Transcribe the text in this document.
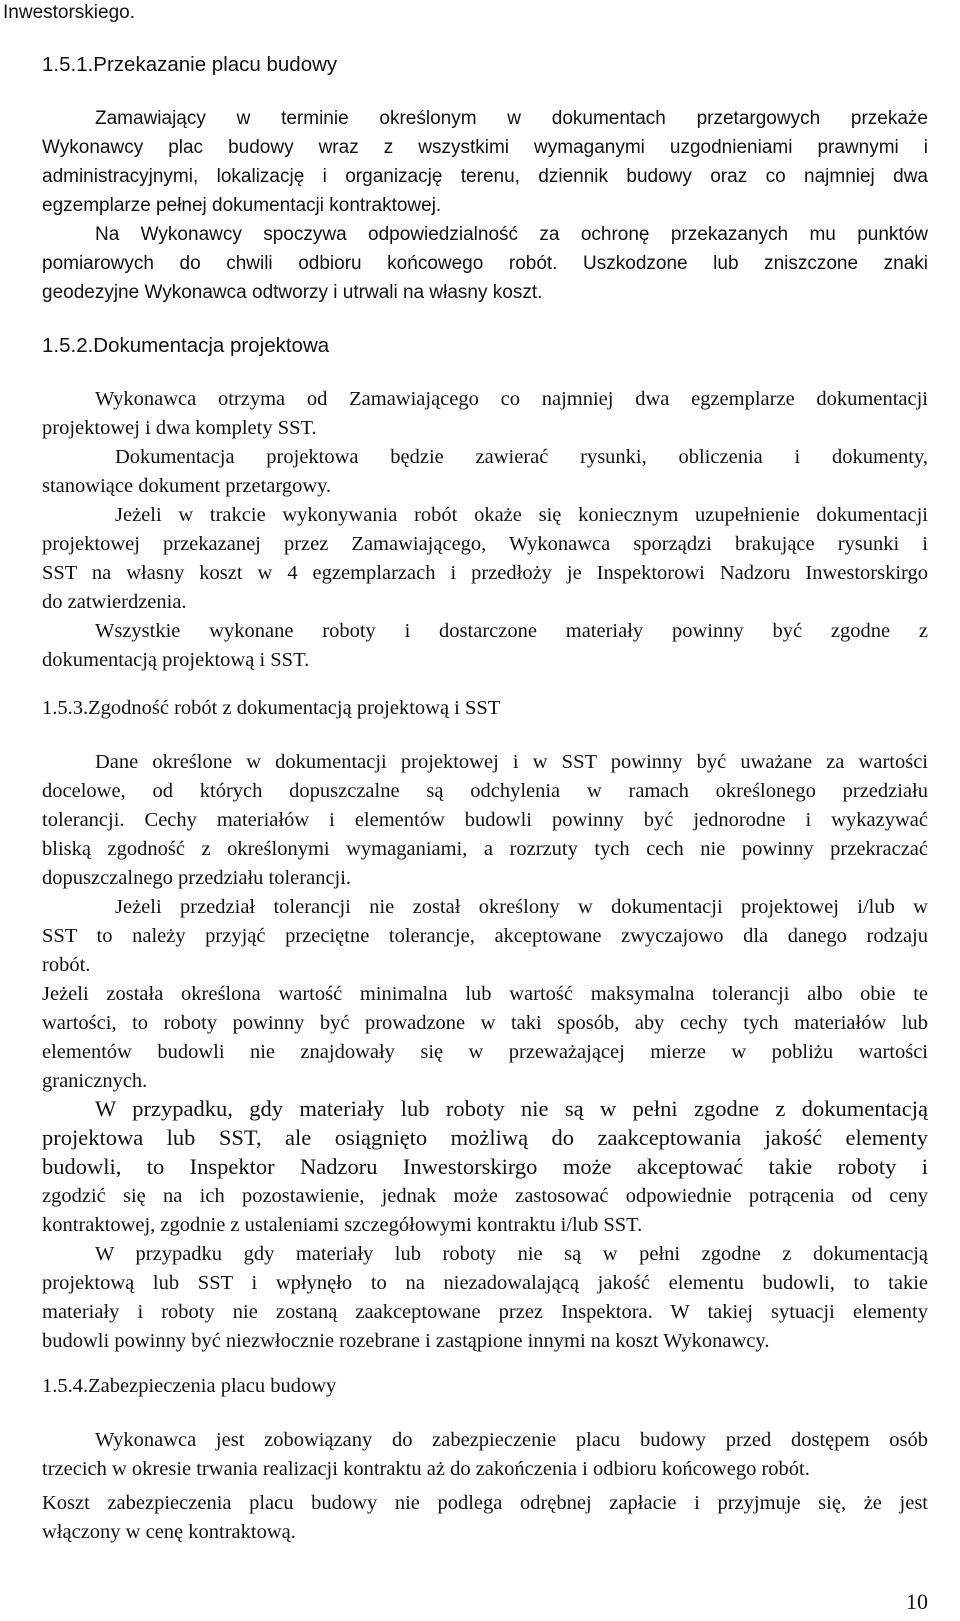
Inwestorskiego.
1.5.1.Przekazanie placu budowy
Zamawiający w terminie określonym w dokumentach przetargowych przekaże
Wykonawcy plac budowy wraz z wszystkimi wymaganymi uzgodnieniami prawnymi i
administracyjnymi, lokalizację i organizację terenu, dziennik budowy oraz co najmniej dwa
egzemplarze pełnej dokumentacji kontraktowej.
Na Wykonawcy spoczywa odpowiedzialność za ochronę przekazanych mu punktów
pomiarowych do chwili odbioru końcowego robót. Uszkodzone lub zniszczone znaki
geodezyjne Wykonawca odtworzy i utrwali na własny koszt.
1.5.2.Dokumentacja projektowa
Wykonawca otrzyma od Zamawiającego co najmniej dwa egzemplarze dokumentacji
projektowej i dwa komplety SST.
Dokumentacja projektowa będzie zawierać rysunki, obliczenia i dokumenty,
stanowiące dokument przetargowy.
Jeżeli w trakcie wykonywania robót okaże się koniecznym uzupełnienie dokumentacji
projektowej przekazanej przez Zamawiającego, Wykonawca sporządzi brakujące rysunki i
SST na własny koszt w 4 egzemplarzach i przedłoży je Inspektorowi Nadzoru Inwestorskirgo
do zatwierdzenia.
Wszystkie wykonane roboty i dostarczone materiały powinny być zgodne z
dokumentacją projektową i SST.
1.5.3.Zgodność robót z dokumentacją projektową i SST
Dane określone w dokumentacji projektowej i w SST powinny być uważane za wartości
docelowe, od których dopuszczalne są odchylenia w ramach określonego przedziału
tolerancji. Cechy materiałów i elementów budowli powinny być jednorodne i wykazywać
bliską zgodność z określonymi wymaganiami, a rozrzuty tych cech nie powinny przekraczać
dopuszczalnego przedziału tolerancji.
Jeżeli przedział tolerancji nie został określony w dokumentacji projektowej i/lub w
SST to należy przyjąć przeciętne tolerancje, akceptowane zwyczajowo dla danego rodzaju
robót.
Jeżeli została określona wartość minimalna lub wartość maksymalna tolerancji albo obie te
wartości, to roboty powinny być prowadzone w taki sposób, aby cechy tych materiałów lub
elementów budowli nie znajdowały się w przeważającej mierze w pobliżu wartości
granicznych.
W przypadku, gdy materiały lub roboty nie są w pełni zgodne z dokumentacją
projektowa lub SST, ale osiągnięto możliwą do zaakceptowania jakość elementy
budowli, to Inspektor Nadzoru Inwestorskirgo może akceptować takie roboty i
zgodzić się na ich pozostawienie, jednak może zastosować odpowiednie potrącenia od ceny
kontraktowej, zgodnie z ustaleniami szczegółowymi kontraktu i/lub SST.
W przypadku gdy materiały lub roboty nie są w pełni zgodne z dokumentacją
projektową lub SST i wpłynęło to na niezadowalającą jakość elementu budowli, to takie
materiały i roboty nie zostaną zaakceptowane przez Inspektora. W takiej sytuacji elementy
budowli powinny być niezwłocznie rozebrane i zastąpione innymi na koszt Wykonawcy.
1.5.4.Zabezpieczenia placu budowy
Wykonawca jest zobowiązany do zabezpieczenie placu budowy przed dostępem osób
trzecich w okresie trwania realizacji kontraktu aż do zakończenia i odbioru końcowego robót.
Koszt zabezpieczenia placu budowy nie podlega odrębnej zapłacie i przyjmuje się, że jest
włączony w cenę kontraktową.
10
